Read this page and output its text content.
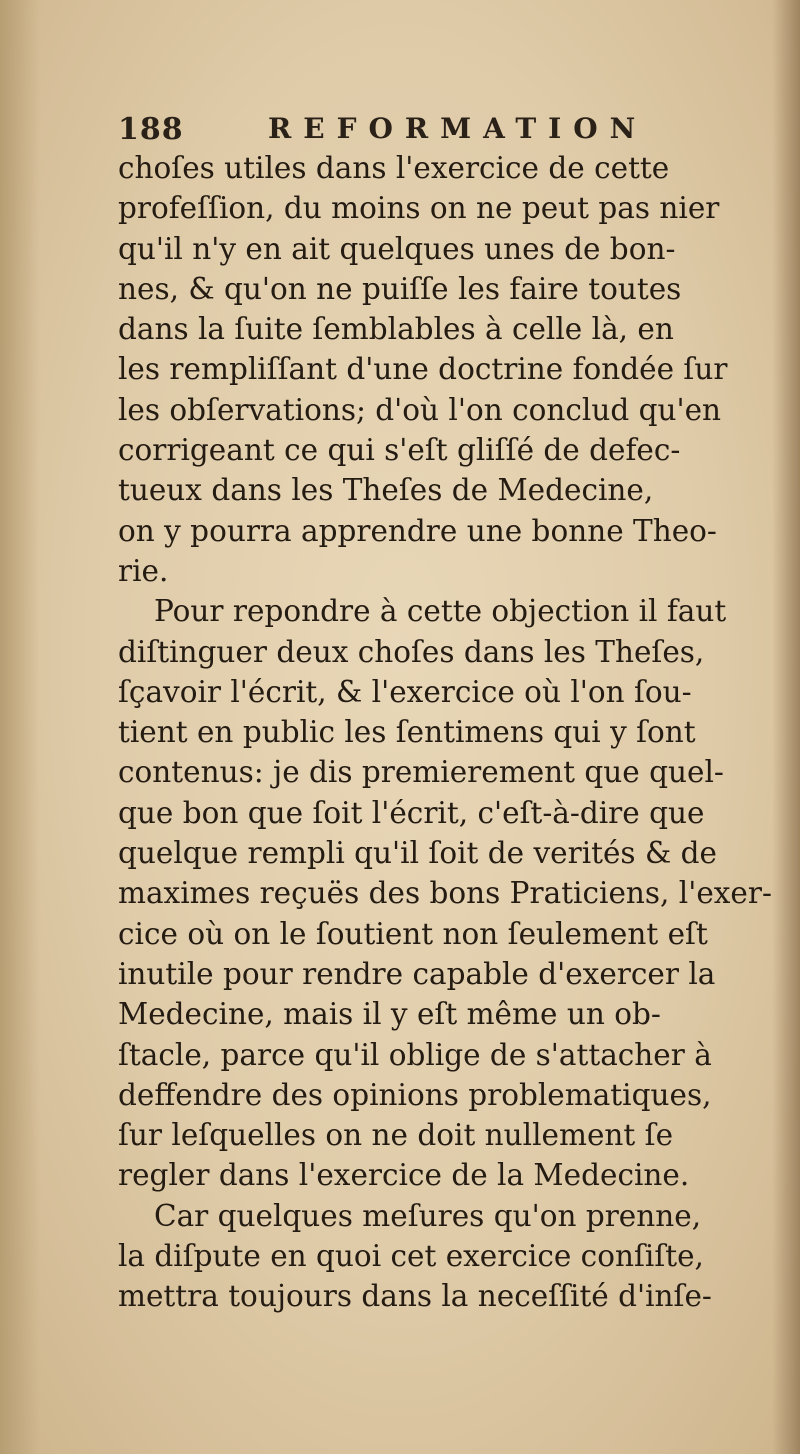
188	REFORMATION
choſes utiles dans l'exercice de cette
profeſſion, du moins on ne peut pas nier
qu'il n'y en ait quelques unes de bon-
nes, & qu'on ne puiſſe les faire toutes
dans la ſuite ſemblables à celle là, en
les rempliſſant d'une doctrine fondée ſur
les obſervations; d'où l'on conclud qu'en
corrigeant ce qui s'eſt gliſſé de defec-
tueux dans les Theſes de Medecine,
on y pourra apprendre une bonne Theo-
rie.
Pour repondre à cette objection il faut
diſtinguer deux choſes dans les Theſes,
ſçavoir l'écrit, & l'exercice où l'on ſou-
tient en public les ſentimens qui y ſont
contenus: je dis premierement que quel-
que bon que ſoit l'écrit, c'eſt-à-dire que
quelque rempli qu'il ſoit de verités & de
maximes reçuës des bons Praticiens, l'exer-
cice où on le ſoutient non ſeulement eſt
inutile pour rendre capable d'exercer la
Medecine, mais il y eſt même un ob-
ſtacle, parce qu'il oblige de s'attacher à
deffendre des opinions problematiques,
ſur leſquelles on ne doit nullement ſe
regler dans l'exercice de la Medecine.
Car quelques meſures qu'on prenne,
la diſpute en quoi cet exercice conſiſte,
mettra toujours dans la neceſſité d'inſe-
